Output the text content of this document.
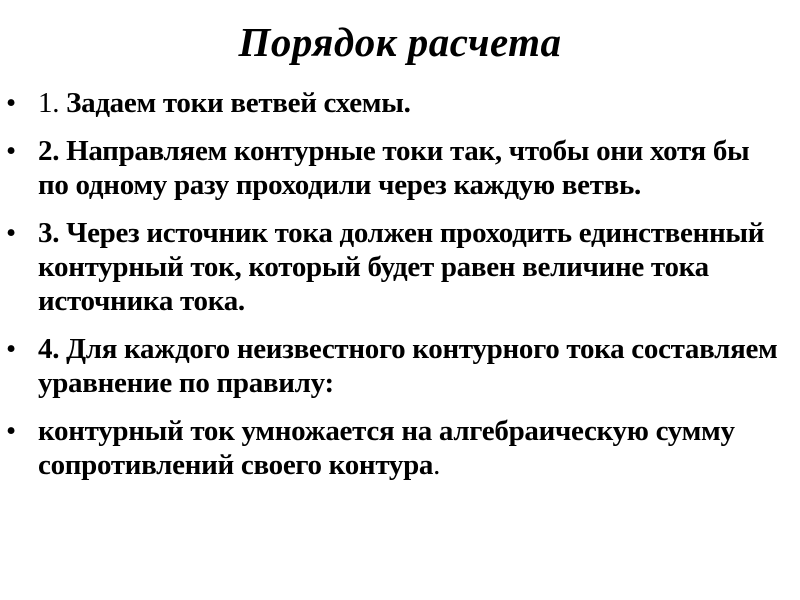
Порядок расчета
• 1. Задаем токи ветвей схемы.
• 2. Направляем контурные токи так, чтобы они хотя бы по одному разу проходили через каждую ветвь.
• 3. Через источник тока должен проходить единственный контурный ток, который будет равен величине тока источника тока.
• 4. Для каждого неизвестного контурного тока составляем уравнение по правилу:
• контурный ток умножается на алгебраическую сумму сопротивлений своего контура.
